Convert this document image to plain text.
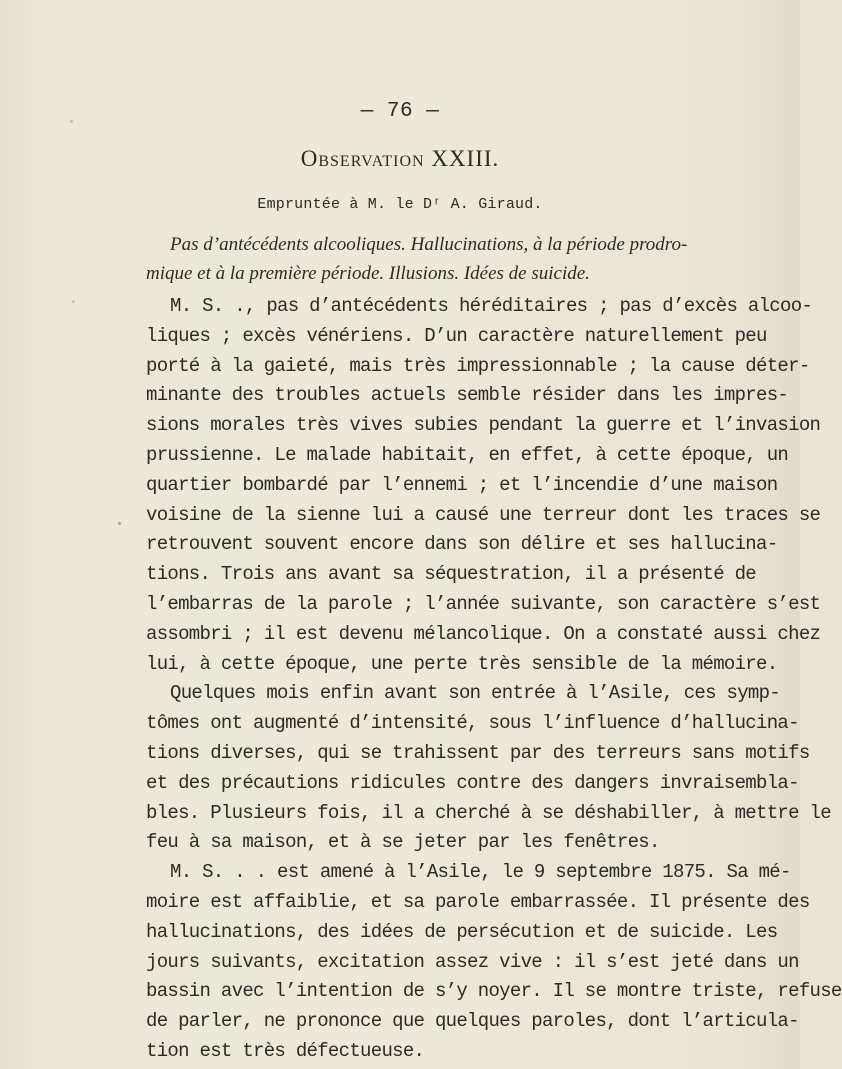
— 76 —
Observation XXIII.
Empruntée à M. le Dʳ A. Giraud.
Pas d’antécédents alcooliques. Hallucinations, à la période prodro-
mique et à la première période. Illusions. Idées de suicide.
M. S. ., pas d’antécédents héréditaires ; pas d’excès alcoo-
liques ; excès vénériens. D’un caractère naturellement peu
porté à la gaieté, mais très impressionnable ; la cause déter-
minante des troubles actuels semble résider dans les impres-
sions morales très vives subies pendant la guerre et l’invasion
prussienne. Le malade habitait, en effet, à cette époque, un
quartier bombardé par l’ennemi ; et l’incendie d’une maison
voisine de la sienne lui a causé une terreur dont les traces se
retrouvent souvent encore dans son délire et ses hallucina-
tions. Trois ans avant sa séquestration, il a présenté de
l’embarras de la parole ; l’année suivante, son caractère s’est
assombri ; il est devenu mélancolique. On a constaté aussi chez
lui, à cette époque, une perte très sensible de la mémoire.
Quelques mois enfin avant son entrée à l’Asile, ces symp-
tômes ont augmenté d’intensité, sous l’influence d’hallucina-
tions diverses, qui se trahissent par des terreurs sans motifs
et des précautions ridicules contre des dangers invraisembla-
bles. Plusieurs fois, il a cherché à se déshabiller, à mettre le
feu à sa maison, et à se jeter par les fenêtres.
M. S. . . est amené à l’Asile, le 9 septembre 1875. Sa mé-
moire est affaiblie, et sa parole embarrassée. Il présente des
hallucinations, des idées de persécution et de suicide. Les
jours suivants, excitation assez vive : il s’est jeté dans un
bassin avec l’intention de s’y noyer. Il se montre triste, refuse
de parler, ne prononce que quelques paroles, dont l’articula-
tion est très défectueuse.
